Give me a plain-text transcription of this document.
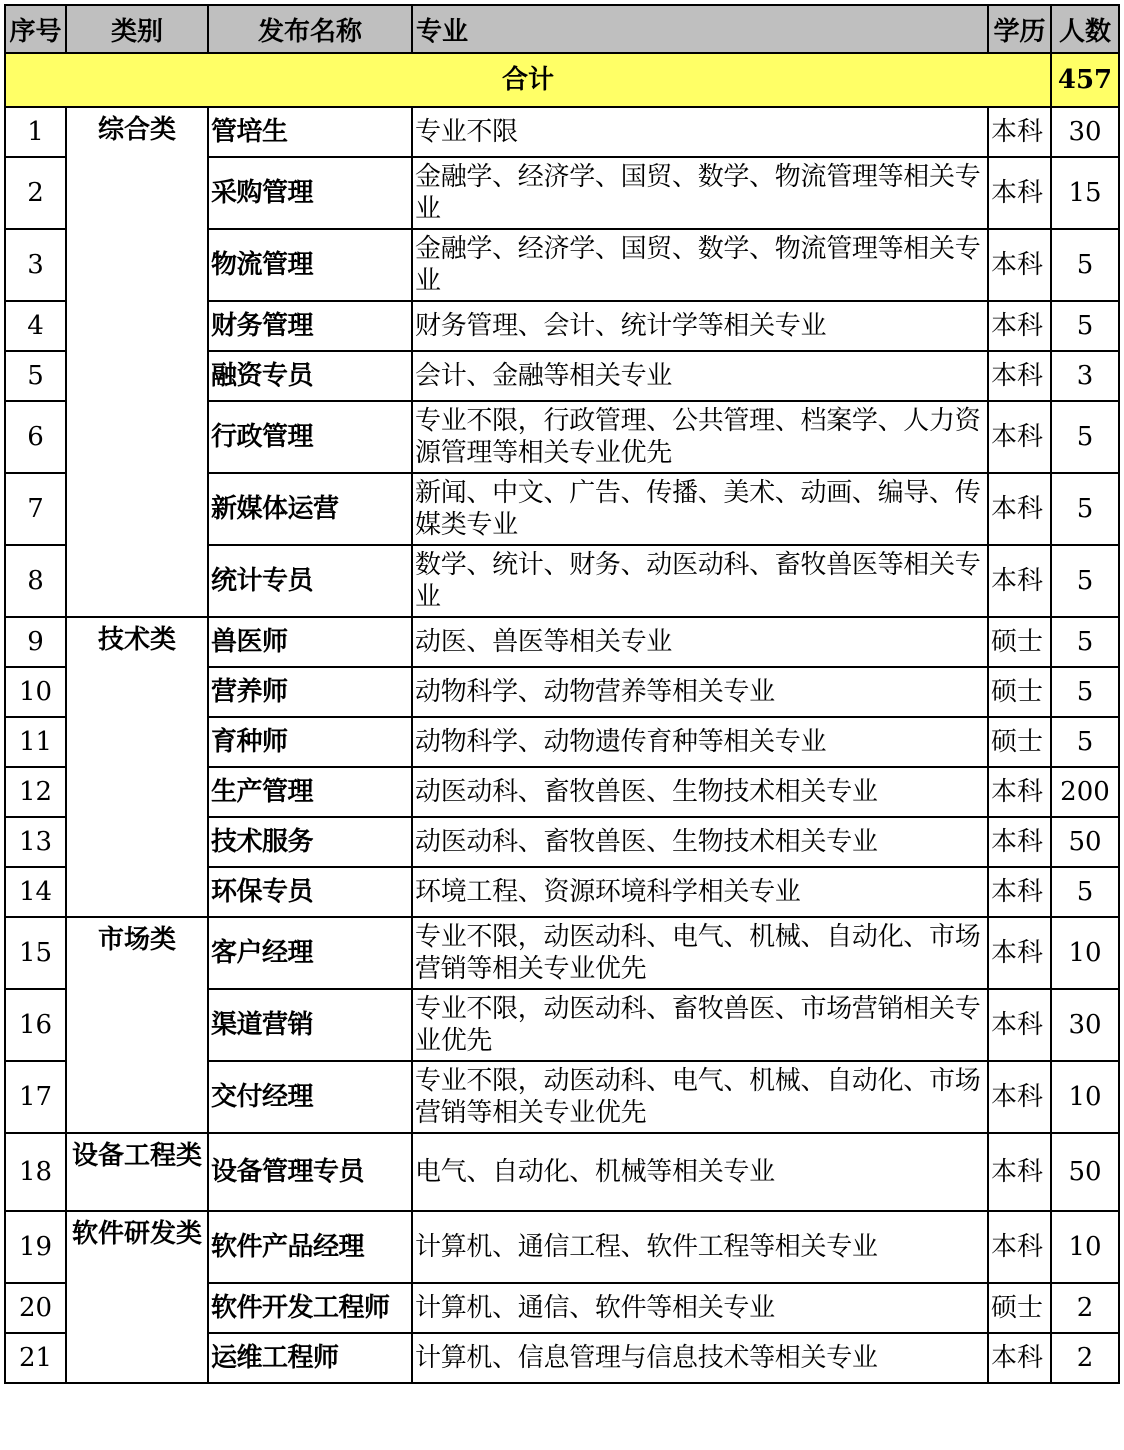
序号	类别	发布名称	专业	学历	人数
合计					457
1	综合类	管培生	专业不限	本科	30
2		采购管理	金融学、经济学、国贸、数学、物流管理等相关专业	本科	15
3		物流管理	金融学、经济学、国贸、数学、物流管理等相关专业	本科	5
4		财务管理	财务管理、会计、统计学等相关专业	本科	5
5		融资专员	会计、金融等相关专业	本科	3
6		行政管理	专业不限，行政管理、公共管理、档案学、人力资源管理等相关专业优先	本科	5
7		新媒体运营	新闻、中文、广告、传播、美术、动画、编导、传媒类专业	本科	5
8		统计专员	数学、统计、财务、动医动科、畜牧兽医等相关专业	本科	5
9	技术类	兽医师	动医、兽医等相关专业	硕士	5
10		营养师	动物科学、动物营养等相关专业	硕士	5
11		育种师	动物科学、动物遗传育种等相关专业	硕士	5
12		生产管理	动医动科、畜牧兽医、生物技术相关专业	本科	200
13		技术服务	动医动科、畜牧兽医、生物技术相关专业	本科	50
14		环保专员	环境工程、资源环境科学相关专业	本科	5
15	市场类	客户经理	专业不限，动医动科、电气、机械、自动化、市场营销等相关专业优先	本科	10
16		渠道营销	专业不限，动医动科、畜牧兽医、市场营销相关专业优先	本科	30
17		交付经理	专业不限，动医动科、电气、机械、自动化、市场营销等相关专业优先	本科	10
18	设备工程类	设备管理专员	电气、自动化、机械等相关专业	本科	50
19	软件研发类	软件产品经理	计算机、通信工程、软件工程等相关专业	本科	10
20		软件开发工程师	计算机、通信、软件等相关专业	硕士	2
21		运维工程师	计算机、信息管理与信息技术等相关专业	本科	2
